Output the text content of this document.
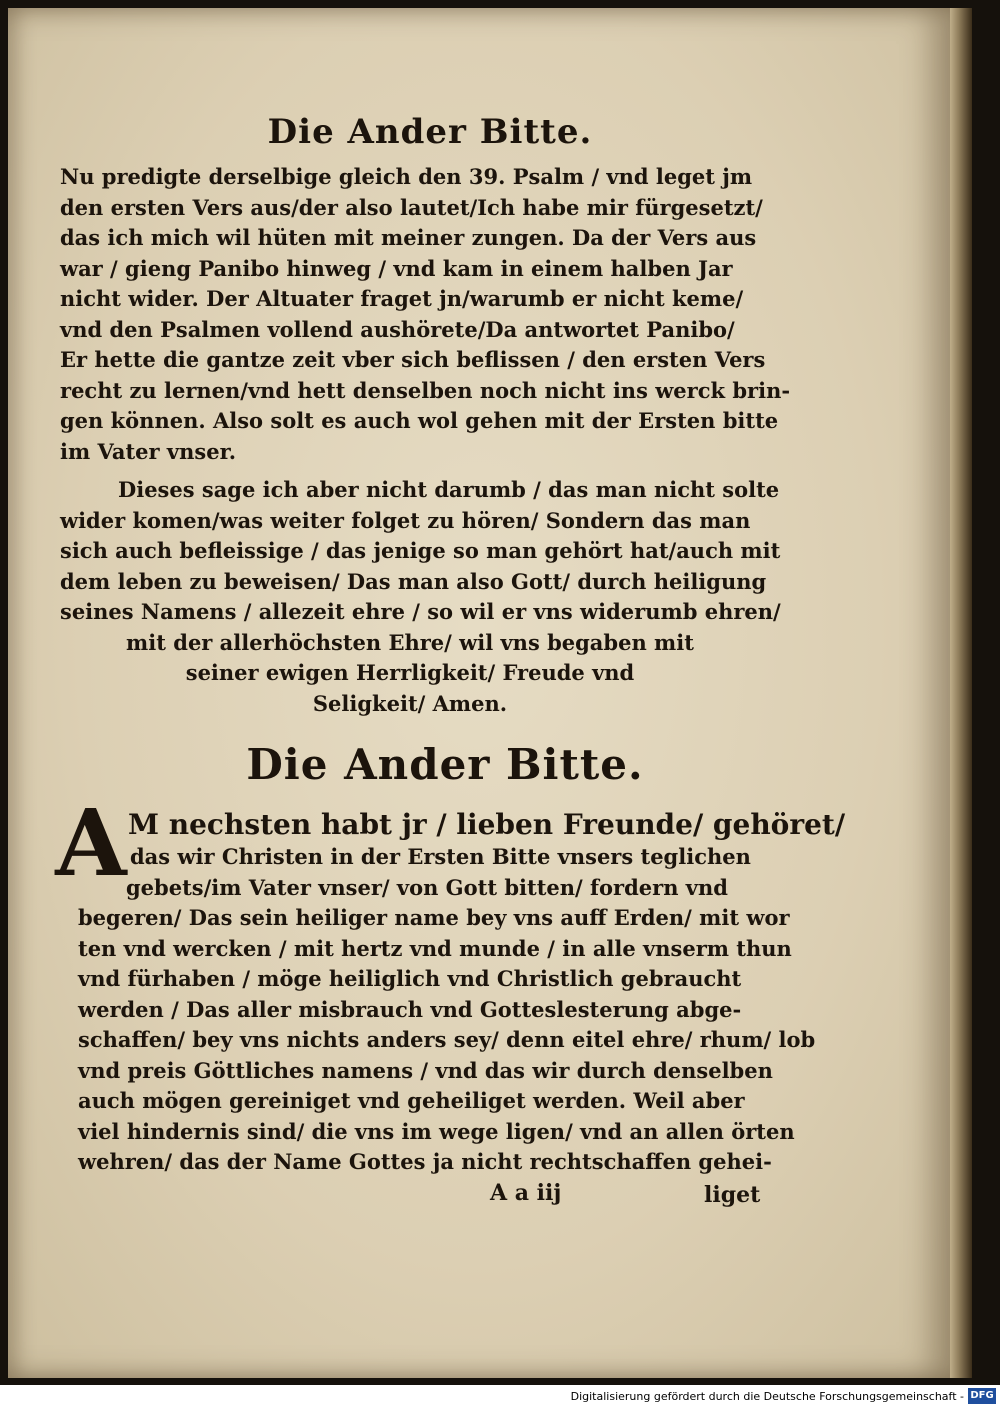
Die Ander Bitte.
Nu predigte derselbige gleich den 39. Psalm / vnd leget jm
den ersten Vers aus/der also lautet/Ich habe mir fürgesetzt/
das ich mich wil hüten mit meiner zungen. Da der Vers aus
war / gieng Panibo hinweg / vnd kam in einem halben Jar
nicht wider. Der Altuater fraget jn/warumb er nicht keme/
vnd den Psalmen vollend aushörete/Da antwortet Panibo/
Er hette die gantze zeit vber sich beflissen / den ersten Vers
recht zu lernen/vnd hett denselben noch nicht ins werck brin-
gen können. Also solt es auch wol gehen mit der Ersten bitte
im Vater vnser.
Dieses sage ich aber nicht darumb / das man nicht solte
wider komen/was weiter folget zu hören/ Sondern das man
sich auch befleissige / das jenige so man gehört hat/auch mit
dem leben zu beweisen/ Das man also Gott/ durch heiligung
seines Namens / allezeit ehre / so wil er vns widerumb ehren/
mit der allerhöchsten Ehre/ wil vns begaben mit
seiner ewigen Herrligkeit/ Freude vnd
Seligkeit/ Amen.
Die Ander Bitte.
A M nechsten habt jr / lieben Freunde/ gehöret/
das wir Christen in der Ersten Bitte vnsers teglichen
gebets/im Vater vnser/ von Gott bitten/ fordern vnd
begeren/ Das sein heiliger name bey vns auff Erden/ mit wor
ten vnd wercken / mit hertz vnd munde / in alle vnserm thun
vnd fürhaben / möge heiliglich vnd Christlich gebraucht
werden / Das aller misbrauch vnd Gotteslesterung abge-
schaffen/ bey vns nichts anders sey/ denn eitel ehre/ rhum/ lob
vnd preis Göttliches namens / vnd das wir durch denselben
auch mögen gereiniget vnd geheiliget werden. Weil aber
viel hindernis sind/ die vns im wege ligen/ vnd an allen örten
wehren/ das der Name Gottes ja nicht rechtschaffen gehei-
A a iij	liget
Digitalisierung gefördert durch die Deutsche Forschungsgemeinschaft - DFG
